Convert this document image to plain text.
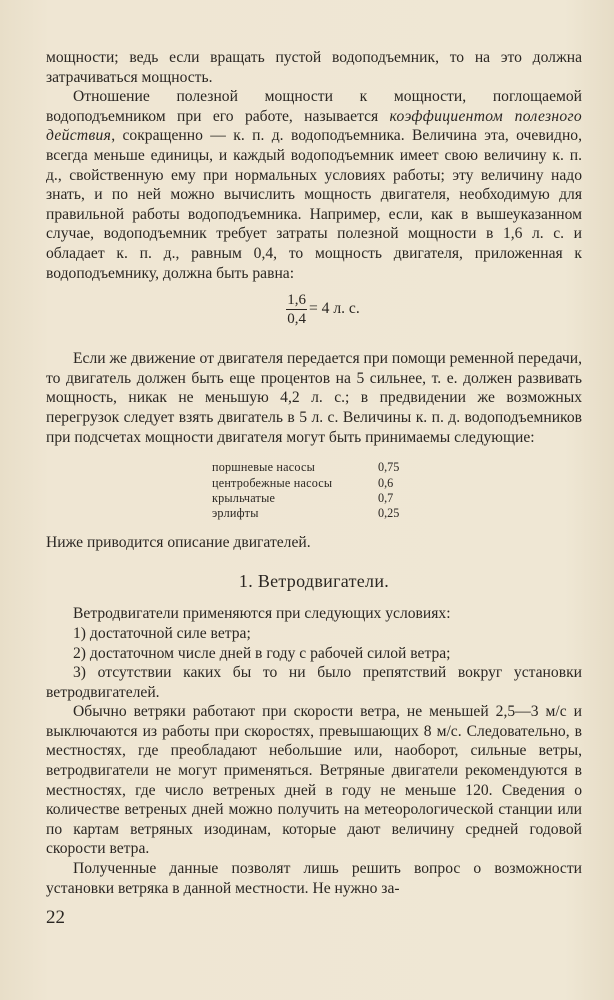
мощности; ведь если вращать пустой водоподъемник, то на это должна затрачиваться мощность.

Отношение полезной мощности к мощности, поглощаемой водоподъемником при его работе, называется коэффициентом полезного действия, сокращенно — к. п. д. водоподъемника. Величина эта, очевидно, всегда меньше единицы, и каждый водоподъемник имеет свою величину к. п. д., свойственную ему при нормальных условиях работы; эту величину надо знать, и по ней можно вычислить мощность двигателя, необходимую для правильной работы водоподъемника. Например, если, как в вышеуказанном случае, водоподъемник требует затраты полезной мощности в 1,6 л. с. и обладает к. п. д., равным 0,4, то мощность двигателя, приложенная к водоподъемнику, должна быть равна:

$\frac{1,6}{0,4} = 4$ л. с.

Если же движение от двигателя передается при помощи ременной передачи, то двигатель должен быть еще процентов на 5 сильнее, т. е. должен развивать мощность, никак не меньшую 4,2 л. с.; в предвидении же возможных перегрузок следует взять двигатель в 5 л. с. Величины к. п. д. водоподъемников при подсчетах мощности двигателя могут быть принимаемы следующие:

поршневые насосы	0,75
центробежные насосы	0,6
крыльчатые	0,7
эрлифты	0,25

Ниже приводится описание двигателей.

1. Ветродвигатели.

Ветродвигатели применяются при следующих условиях:

1) достаточной силе ветра;

2) достаточном числе дней в году с рабочей силой ветра;

3) отсутствии каких бы то ни было препятствий вокруг установки ветродвигателей.

Обычно ветряки работают при скорости ветра, не меньшей 2,5—3 м/с и выключаются из работы при скоростях, превышающих 8 м/с. Следовательно, в местностях, где преобладают небольшие или, наоборот, сильные ветры, ветродвигатели не могут применяться. Ветряные двигатели рекомендуются в местностях, где число ветреных дней в году не меньше 120. Сведения о количестве ветреных дней можно получить на метеорологической станции или по картам ветряных изодинам, которые дают величину средней годовой скорости ветра.

Полученные данные позволят лишь решить вопрос о возможности установки ветряка в данной местности. Не нужно за-

22
